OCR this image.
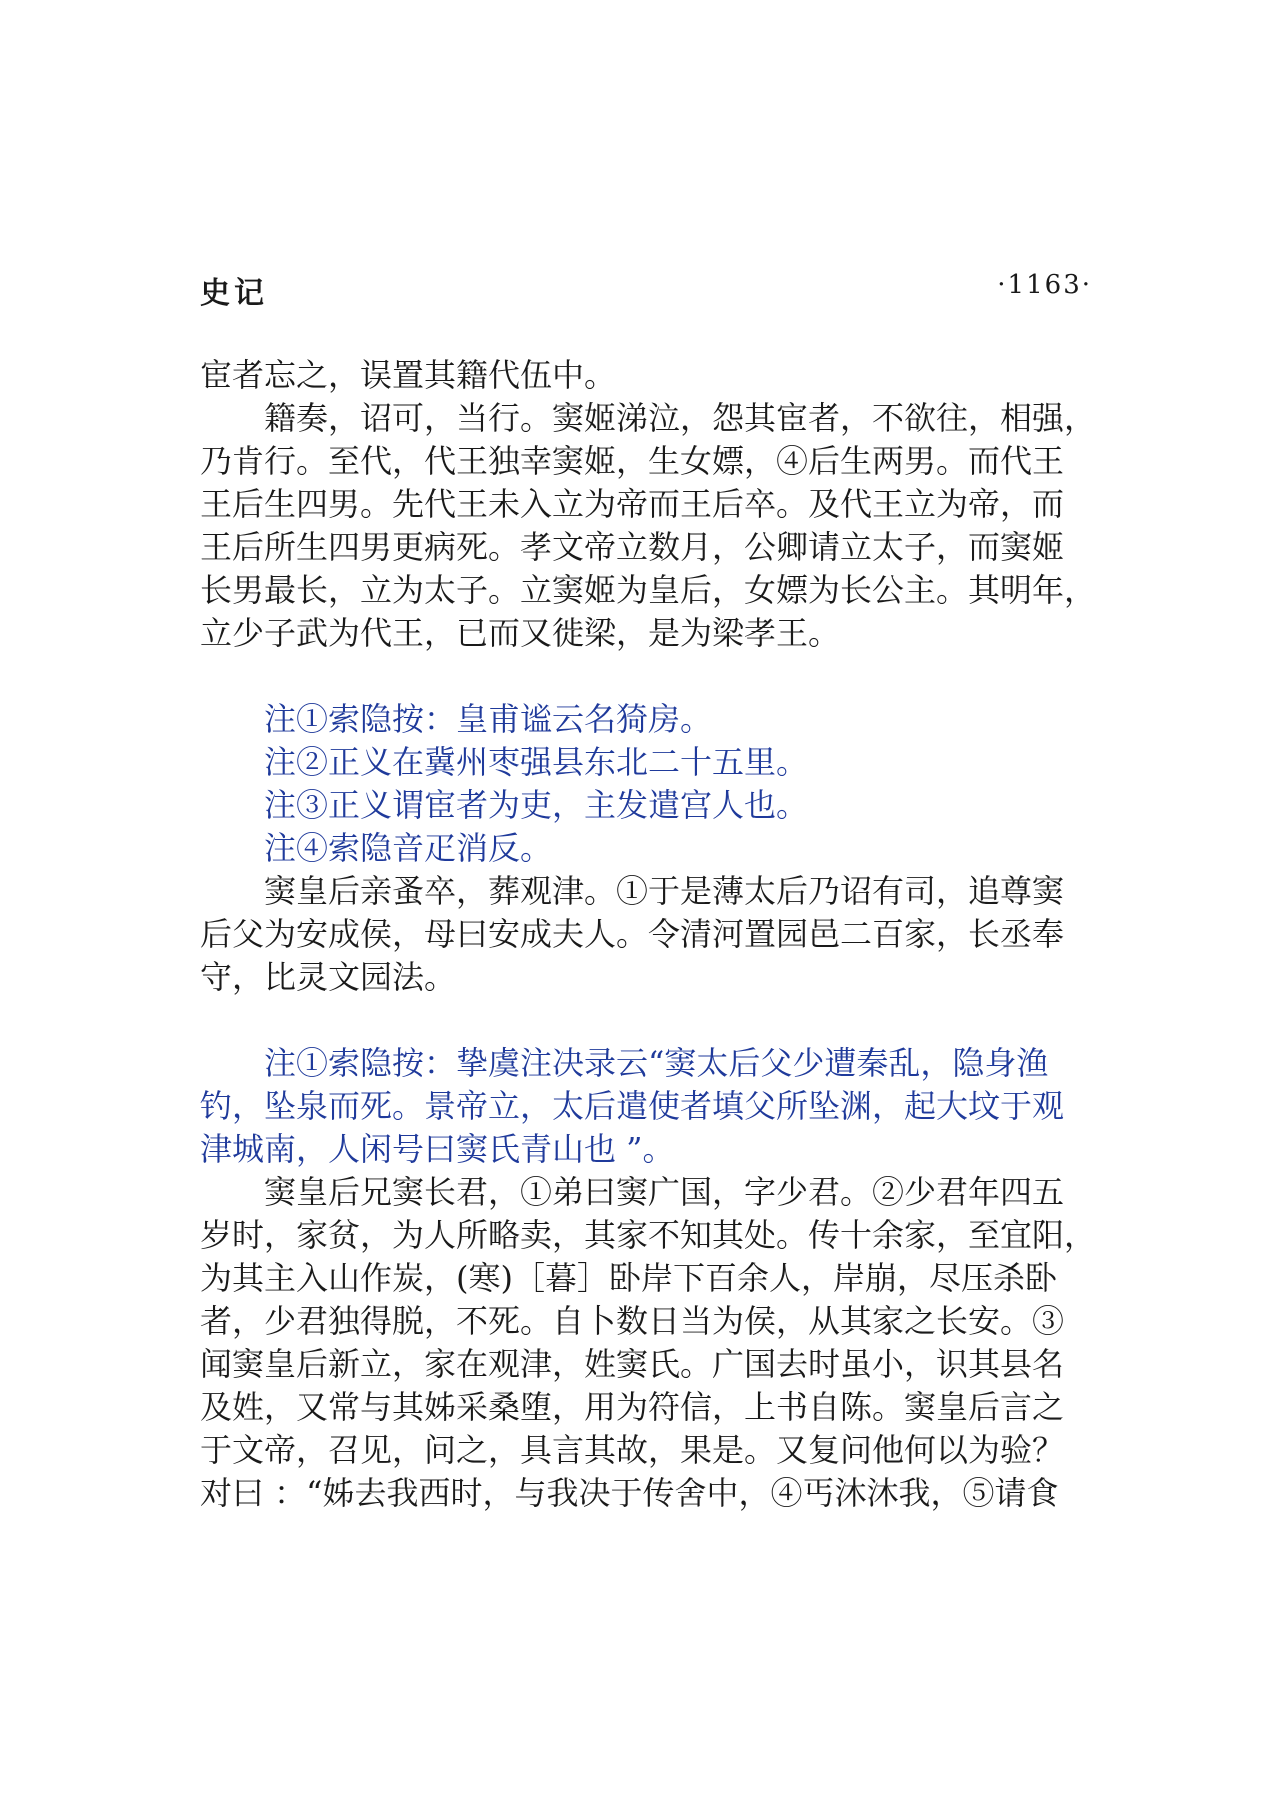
史记	·1163·
宦者忘之，误置其籍代伍中。
籍奏，诏可，当行。窦姬涕泣，怨其宦者，不欲往，相强，
乃肯行。至代，代王独幸窦姬，生女嫖，④后生两男。而代王
王后生四男。先代王未入立为帝而王后卒。及代王立为帝，而
王后所生四男更病死。孝文帝立数月，公卿请立太子，而窦姬
长男最长，立为太子。立窦姬为皇后，女嫖为长公主。其明年，
立少子武为代王，已而又徙梁，是为梁孝王。
注①索隐按：皇甫谧云名猗房。
注②正义在冀州枣强县东北二十五里。
注③正义谓宦者为吏，主发遣宫人也。
注④索隐音疋消反。
窦皇后亲蚤卒，葬观津。①于是薄太后乃诏有司，追尊窦
后父为安成侯，母曰安成夫人。令清河置园邑二百家，长丞奉
守，比灵文园法。
注①索隐按：挚虞注决录云“窦太后父少遭秦乱，隐身渔
钓，坠泉而死。景帝立，太后遣使者填父所坠渊，起大坟于观
津城南，人闲号曰窦氏青山也 ”。
窦皇后兄窦长君，①弟曰窦广国，字少君。②少君年四五
岁时，家贫，为人所略卖，其家不知其处。传十余家，至宜阳，
为其主入山作炭，(寒)［暮］卧岸下百余人，岸崩，尽压杀卧
者，少君独得脱，不死。自卜数日当为侯，从其家之长安。③
闻窦皇后新立，家在观津，姓窦氏。广国去时虽小，识其县名
及姓，又常与其姊采桑堕，用为符信，上书自陈。窦皇后言之
于文帝，召见，问之，具言其故，果是。又复问他何以为验？
对曰 ：“姊去我西时，与我决于传舍中，④丐沐沐我，⑤请食
